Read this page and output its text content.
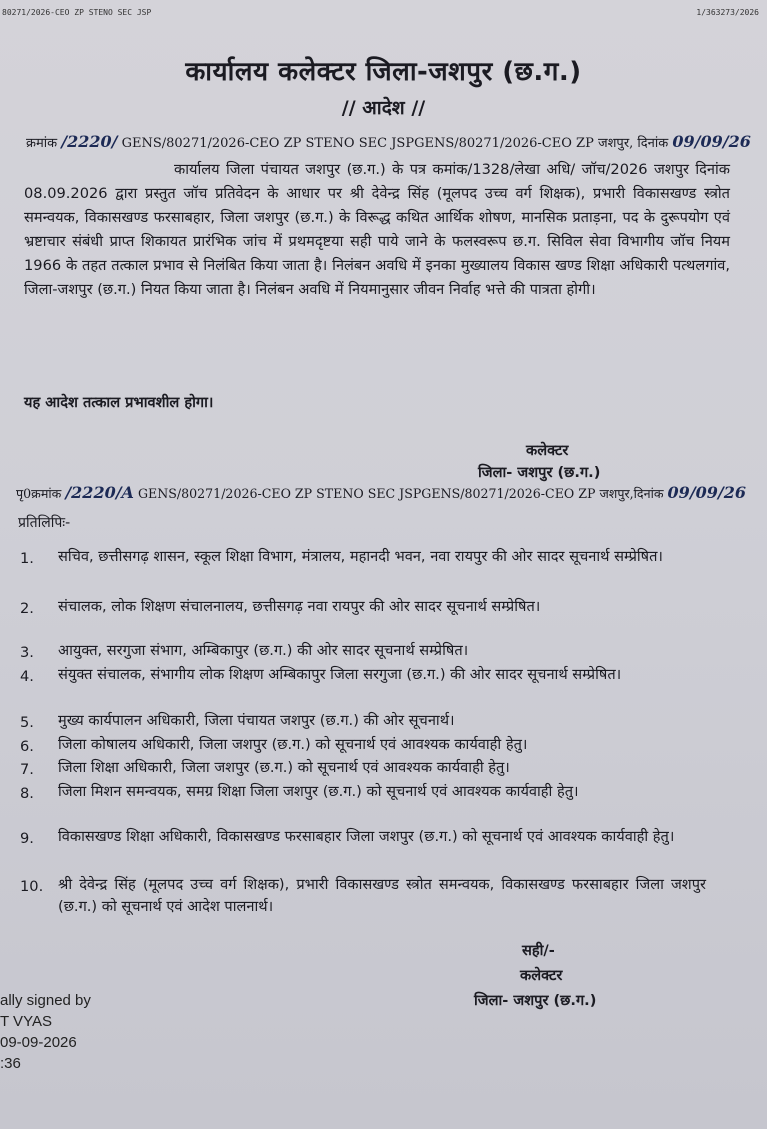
80271/2026-CEO ZP STENO SEC JSP	1/363273/2026
कार्यालय कलेक्टर जिला-जशपुर (छ.ग.)
// आदेश //
क्रमांक /2220/ GENS/80271/2026-CEO ZP STENO SEC JSPGENS/80271/2026-CEO ZP जशपुर, दिनांक 09/09/26
कार्यालय जिला पंचायत जशपुर (छ.ग.) के पत्र कमांक/1328/लेखा अधि/ जॉच/2026 जशपुर दिनांक 08.09.2026 द्वारा प्रस्तुत जॉच प्रतिवेदन के आधार पर श्री देवेन्द्र सिंह (मूलपद उच्च वर्ग शिक्षक), प्रभारी विकासखण्ड स्त्रोत समन्वयक, विकासखण्ड फरसाबहार, जिला जशपुर (छ.ग.) के विरूद्ध कथित आर्थिक शोषण, मानसिक प्रताड़ना, पद के दुरूपयोग एवं भ्रष्टाचार संबंधी प्राप्त शिकायत प्रारंभिक जांच में प्रथमदृष्टया सही पाये जाने के फलस्वरूप छ.ग. सिविल सेवा विभागीय जॉच नियम 1966 के तहत तत्काल प्रभाव से निलंबित किया जाता है। निलंबन अवधि में इनका मुख्यालय विकास खण्ड शिक्षा अधिकारी पत्थलगांव, जिला-जशपुर (छ.ग.) नियत किया जाता है। निलंबन अवधि में नियमानुसार जीवन निर्वाह भत्ते की पात्रता होगी।
यह आदेश तत्काल प्रभावशील होगा।
कलेक्टर
जिला- जशपुर (छ.ग.)
पृ0क्रमांक /2220/A GENS/80271/2026-CEO ZP STENO SEC JSPGENS/80271/2026-CEO ZP जशपुर,दिनांक 09/09/26
प्रतिलिपिः-
1.	सचिव, छत्तीसगढ़ शासन, स्कूल शिक्षा विभाग, मंत्रालय, महानदी भवन, नवा रायपुर की ओर सादर सूचनार्थ सम्प्रेषित।
2.	संचालक, लोक शिक्षण संचालनालय, छत्तीसगढ़ नवा रायपुर की ओर सादर सूचनार्थ सम्प्रेषित।
3.	आयुक्त, सरगुजा संभाग, अम्बिकापुर (छ.ग.) की ओर सादर सूचनार्थ सम्प्रेषित।
4.	संयुक्त संचालक, संभागीय लोक शिक्षण अम्बिकापुर जिला सरगुजा (छ.ग.) की ओर सादर सूचनार्थ सम्प्रेषित।
5.	मुख्य कार्यपालन अधिकारी, जिला पंचायत जशपुर (छ.ग.) की ओर सूचनार्थ।
6.	जिला कोषालय अधिकारी, जिला जशपुर (छ.ग.) को सूचनार्थ एवं आवश्यक कार्यवाही हेतु।
7.	जिला शिक्षा अधिकारी, जिला जशपुर (छ.ग.) को सूचनार्थ एवं आवश्यक कार्यवाही हेतु।
8.	जिला मिशन समन्वयक, समग्र शिक्षा जिला जशपुर (छ.ग.) को सूचनार्थ एवं आवश्यक कार्यवाही हेतु।
9.	विकासखण्ड शिक्षा अधिकारी, विकासखण्ड फरसाबहार जिला जशपुर (छ.ग.) को सूचनार्थ एवं आवश्यक कार्यवाही हेतु।
10. श्री देवेन्द्र सिंह (मूलपद उच्च वर्ग शिक्षक), प्रभारी विकासखण्ड स्त्रोत समन्वयक, विकासखण्ड फरसाबहार जिला जशपुर (छ.ग.) को सूचनार्थ एवं आदेश पालनार्थ।
सही/-
कलेक्टर
जिला- जशपुर (छ.ग.)
ally signed by
T VYAS
09-09-2026
:36
